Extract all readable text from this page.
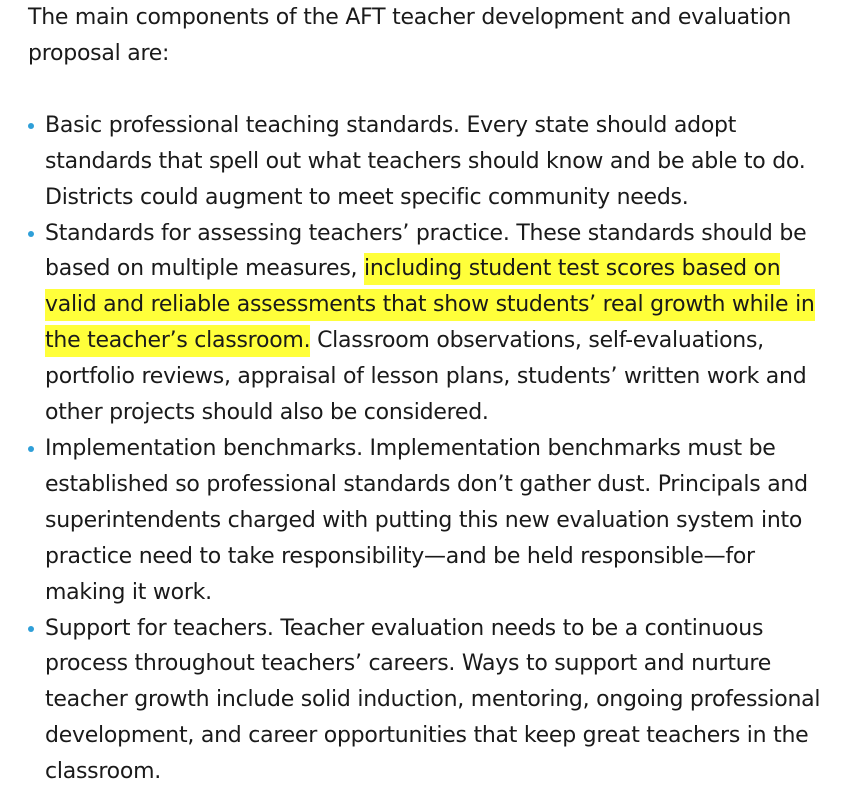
The main components of the AFT teacher development and evaluation proposal are:

Basic professional teaching standards. Every state should adopt standards that spell out what teachers should know and be able to do. Districts could augment to meet specific community needs.
Standards for assessing teachers’ practice. These standards should be based on multiple measures, including student test scores based on valid and reliable assessments that show students’ real growth while in the teacher’s classroom. Classroom observations, self-evaluations, portfolio reviews, appraisal of lesson plans, students’ written work and other projects should also be considered.
Implementation benchmarks. Implementation benchmarks must be established so professional standards don’t gather dust. Principals and superintendents charged with putting this new evaluation system into practice need to take responsibility—and be held responsible—for making it work.
Support for teachers. Teacher evaluation needs to be a continuous process throughout teachers’ careers. Ways to support and nurture teacher growth include solid induction, mentoring, ongoing professional development, and career opportunities that keep great teachers in the classroom.
